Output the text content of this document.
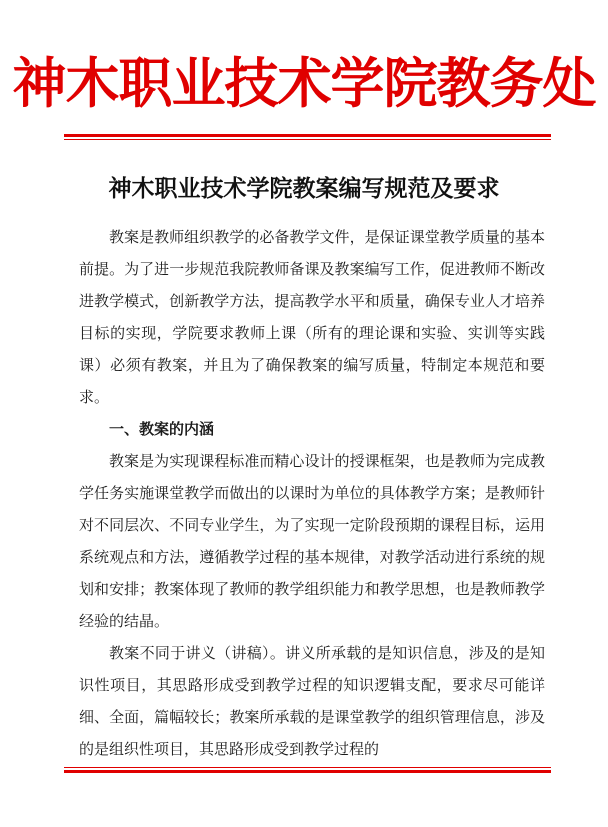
神木职业技术学院教务处
神木职业技术学院教案编写规范及要求

教案是教师组织教学的必备教学文件，是保证课堂教学质量的基本前提。为了进一步规范我院教师备课及教案编写工作，促进教师不断改进教学模式，创新教学方法，提高教学水平和质量，确保专业人才培养目标的实现，学院要求教师上课（所有的理论课和实验、实训等实践课）必须有教案，并且为了确保教案的编写质量，特制定本规范和要求。

一、教案的内涵

教案是为实现课程标准而精心设计的授课框架，也是教师为完成教学任务实施课堂教学而做出的以课时为单位的具体教学方案；是教师针对不同层次、不同专业学生，为了实现一定阶段预期的课程目标，运用系统观点和方法，遵循教学过程的基本规律，对教学活动进行系统的规划和安排；教案体现了教师的教学组织能力和教学思想，也是教师教学经验的结晶。

教案不同于讲义（讲稿）。讲义所承载的是知识信息，涉及的是知识性项目，其思路形成受到教学过程的知识逻辑支配，要求尽可能详细、全面，篇幅较长；教案所承载的是课堂教学的组织管理信息，涉及的是组织性项目，其思路形成受到教学过程的
